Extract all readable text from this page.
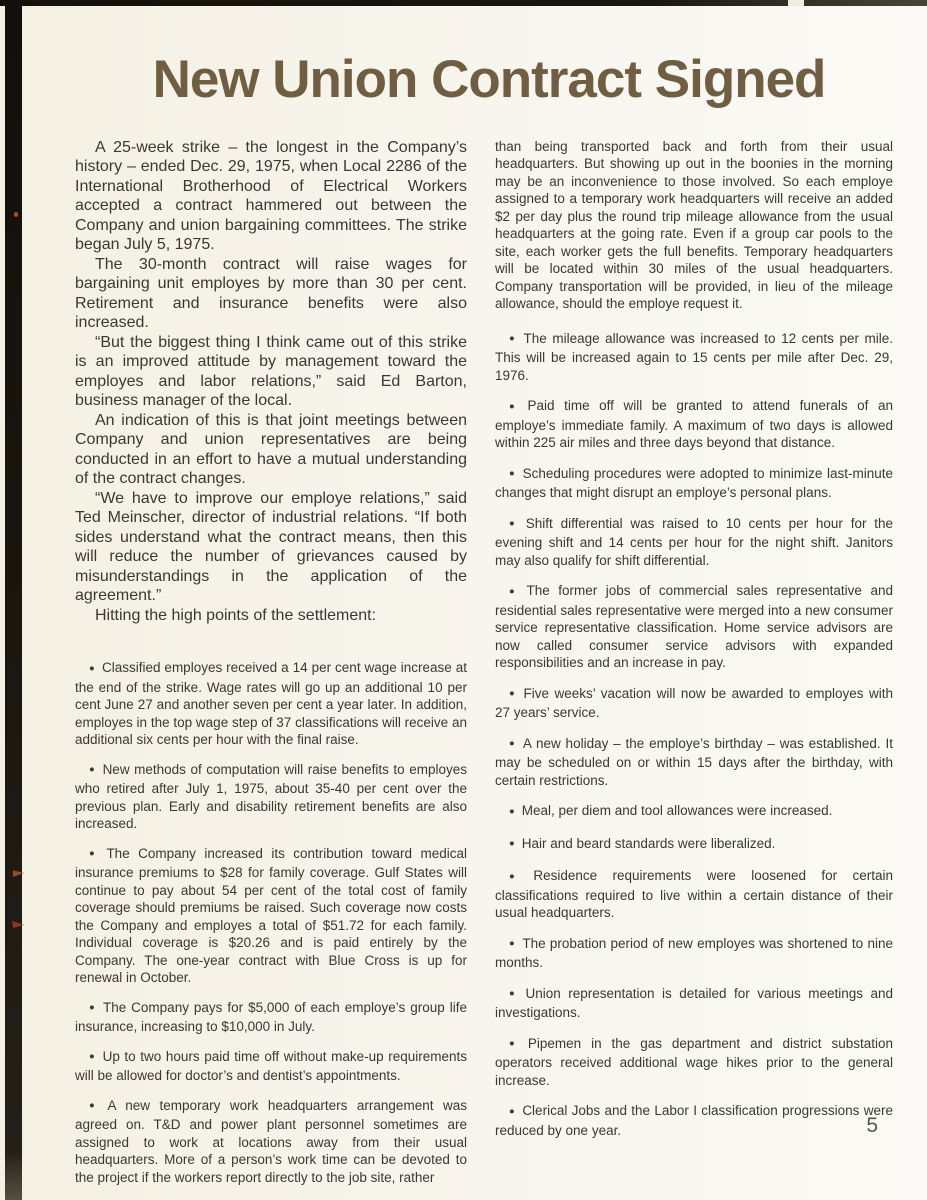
New Union Contract Signed

A 25-week strike – the longest in the Company’s history – ended Dec. 29, 1975, when Local 2286 of the International Brotherhood of Electrical Workers accepted a contract hammered out between the Company and union bargaining committees. The strike began July 5, 1975.

The 30-month contract will raise wages for bargaining unit employes by more than 30 per cent. Retirement and insurance benefits were also increased.

“But the biggest thing I think came out of this strike is an improved attitude by management toward the employes and labor relations,” said Ed Barton, business manager of the local.

An indication of this is that joint meetings between Company and union representatives are being conducted in an effort to have a mutual understanding of the contract changes.

“We have to improve our employe relations,” said Ted Meinscher, director of industrial relations. “If both sides understand what the contract means, then this will reduce the number of grievances caused by misunderstandings in the application of the agreement.”

Hitting the high points of the settlement:

● Classified employes received a 14 per cent wage increase at the end of the strike. Wage rates will go up an additional 10 per cent June 27 and another seven per cent a year later. In addition, employes in the top wage step of 37 classifications will receive an additional six cents per hour with the final raise.

● New methods of computation will raise benefits to employes who retired after July 1, 1975, about 35-40 per cent over the previous plan. Early and disability retirement benefits are also increased.

● The Company increased its contribution toward medical insurance premiums to $28 for family coverage. Gulf States will continue to pay about 54 per cent of the total cost of family coverage should premiums be raised. Such coverage now costs the Company and employes a total of $51.72 for each family. Individual coverage is $20.26 and is paid entirely by the Company. The one-year contract with Blue Cross is up for renewal in October.

● The Company pays for $5,000 of each employe’s group life insurance, increasing to $10,000 in July.

● Up to two hours paid time off without make-up requirements will be allowed for doctor’s and dentist’s appointments.

● A new temporary work headquarters arrangement was agreed on. T&D and power plant personnel sometimes are assigned to work at locations away from their usual headquarters. More of a person’s work time can be devoted to the project if the workers report directly to the job site, rather

than being transported back and forth from their usual headquarters. But showing up out in the boonies in the morning may be an inconvenience to those involved. So each employe assigned to a temporary work headquarters will receive an added $2 per day plus the round trip mileage allowance from the usual headquarters at the going rate. Even if a group car pools to the site, each worker gets the full benefits. Temporary headquarters will be located within 30 miles of the usual headquarters. Company transportation will be provided, in lieu of the mileage allowance, should the employe request it.

● The mileage allowance was increased to 12 cents per mile. This will be increased again to 15 cents per mile after Dec. 29, 1976.

● Paid time off will be granted to attend funerals of an employe’s immediate family. A maximum of two days is allowed within 225 air miles and three days beyond that distance.

● Scheduling procedures were adopted to minimize last-minute changes that might disrupt an employe’s personal plans.

● Shift differential was raised to 10 cents per hour for the evening shift and 14 cents per hour for the night shift. Janitors may also qualify for shift differential.

● The former jobs of commercial sales representative and residential sales representative were merged into a new consumer service representative classification. Home service advisors are now called consumer service advisors with expanded responsibilities and an increase in pay.

● Five weeks’ vacation will now be awarded to employes with 27 years’ service.

● A new holiday – the employe’s birthday – was established. It may be scheduled on or within 15 days after the birthday, with certain restrictions.

● Meal, per diem and tool allowances were increased.

● Hair and beard standards were liberalized.

● Residence requirements were loosened for certain classifications required to live within a certain distance of their usual headquarters.

● The probation period of new employes was shortened to nine months.

● Union representation is detailed for various meetings and investigations.

● Pipemen in the gas department and district substation operators received additional wage hikes prior to the general increase.

● Clerical Jobs and the Labor I classification progressions were reduced by one year.	5
